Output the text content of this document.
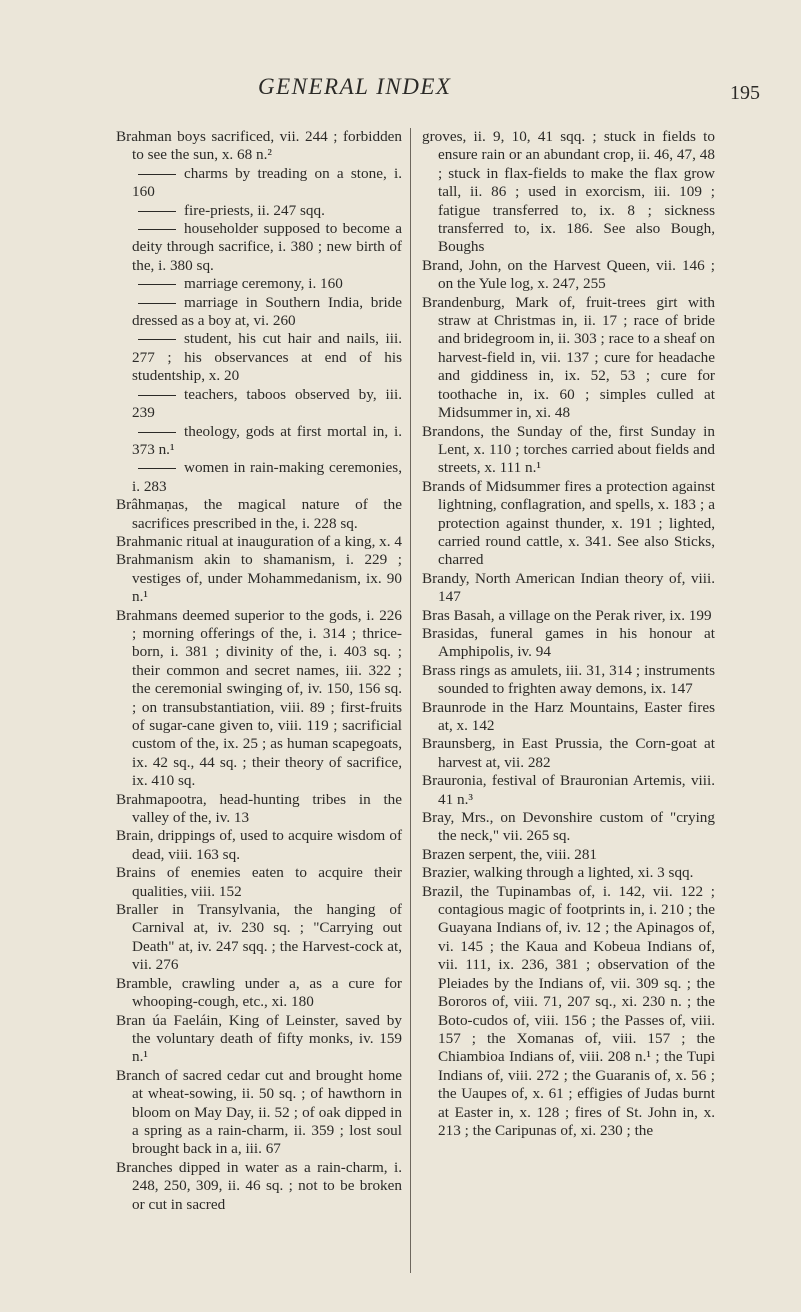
GENERAL INDEX	195
Brahman boys sacrificed, vii. 244 ; forbidden to see the sun, x. 68 n.²
charms by treading on a stone, i. 160
fire-priests, ii. 247 sqq.
householder supposed to become a deity through sacrifice, i. 380 ; new birth of the, i. 380 sq.
marriage ceremony, i. 160
marriage in Southern India, bride dressed as a boy at, vi. 260
student, his cut hair and nails, iii. 277 ; his observances at end of his studentship, x. 20
teachers, taboos observed by, iii. 239
theology, gods at first mortal in, i. 373 n.¹
women in rain-making ceremonies, i. 283
Brâhmaṇas, the magical nature of the sacrifices prescribed in the, i. 228 sq.
Brahmanic ritual at inauguration of a king, x. 4
Brahmanism akin to shamanism, i. 229 ; vestiges of, under Mohammedanism, ix. 90 n.¹
Brahmans deemed superior to the gods, i. 226 ; morning offerings of the, i. 314 ; thrice-born, i. 381 ; divinity of the, i. 403 sq. ; their common and secret names, iii. 322 ; the ceremonial swinging of, iv. 150, 156 sq. ; on transubstantiation, viii. 89 ; first-fruits of sugar-cane given to, viii. 119 ; sacrificial custom of the, ix. 25 ; as human scapegoats, ix. 42 sq., 44 sq. ; their theory of sacrifice, ix. 410 sq.
Brahmapootra, head-hunting tribes in the valley of the, iv. 13
Brain, drippings of, used to acquire wisdom of dead, viii. 163 sq.
Brains of enemies eaten to acquire their qualities, viii. 152
Braller in Transylvania, the hanging of Carnival at, iv. 230 sq. ; "Carrying out Death" at, iv. 247 sqq. ; the Harvest-cock at, vii. 276
Bramble, crawling under a, as a cure for whooping-cough, etc., xi. 180
Bran úa Faeláin, King of Leinster, saved by the voluntary death of fifty monks, iv. 159 n.¹
Branch of sacred cedar cut and brought home at wheat-sowing, ii. 50 sq. ; of hawthorn in bloom on May Day, ii. 52 ; of oak dipped in a spring as a rain-charm, ii. 359 ; lost soul brought back in a, iii. 67
Branches dipped in water as a rain-charm, i. 248, 250, 309, ii. 46 sq. ; not to be broken or cut in sacred
groves, ii. 9, 10, 41 sqq. ; stuck in fields to ensure rain or an abundant crop, ii. 46, 47, 48 ; stuck in flax-fields to make the flax grow tall, ii. 86 ; used in exorcism, iii. 109 ; fatigue transferred to, ix. 8 ; sickness transferred to, ix. 186. See also Bough, Boughs
Brand, John, on the Harvest Queen, vii. 146 ; on the Yule log, x. 247, 255
Brandenburg, Mark of, fruit-trees girt with straw at Christmas in, ii. 17 ; race of bride and bridegroom in, ii. 303 ; race to a sheaf on harvest-field in, vii. 137 ; cure for headache and giddiness in, ix. 52, 53 ; cure for toothache in, ix. 60 ; simples culled at Midsummer in, xi. 48
Brandons, the Sunday of the, first Sunday in Lent, x. 110 ; torches carried about fields and streets, x. 111 n.¹
Brands of Midsummer fires a protection against lightning, conflagration, and spells, x. 183 ; a protection against thunder, x. 191 ; lighted, carried round cattle, x. 341. See also Sticks, charred
Brandy, North American Indian theory of, viii. 147
Bras Basah, a village on the Perak river, ix. 199
Brasidas, funeral games in his honour at Amphipolis, iv. 94
Brass rings as amulets, iii. 31, 314 ; instruments sounded to frighten away demons, ix. 147
Braunrode in the Harz Mountains, Easter fires at, x. 142
Braunsberg, in East Prussia, the Corn-goat at harvest at, vii. 282
Brauronia, festival of Brauronian Artemis, viii. 41 n.³
Bray, Mrs., on Devonshire custom of "crying the neck," vii. 265 sq.
Brazen serpent, the, viii. 281
Brazier, walking through a lighted, xi. 3 sqq.
Brazil, the Tupinambas of, i. 142, vii. 122 ; contagious magic of footprints in, i. 210 ; the Guayana Indians of, iv. 12 ; the Apinagos of, vi. 145 ; the Kaua and Kobeua Indians of, vii. 111, ix. 236, 381 ; observation of the Pleiades by the Indians of, vii. 309 sq. ; the Bororos of, viii. 71, 207 sq., xi. 230 n. ; the Boto-cudos of, viii. 156 ; the Passes of, viii. 157 ; the Xomanas of, viii. 157 ; the Chiambioa Indians of, viii. 208 n.¹ ; the Tupi Indians of, viii. 272 ; the Guaranis of, x. 56 ; the Uaupes of, x. 61 ; effigies of Judas burnt at Easter in, x. 128 ; fires of St. John in, x. 213 ; the Caripunas of, xi. 230 ; the
